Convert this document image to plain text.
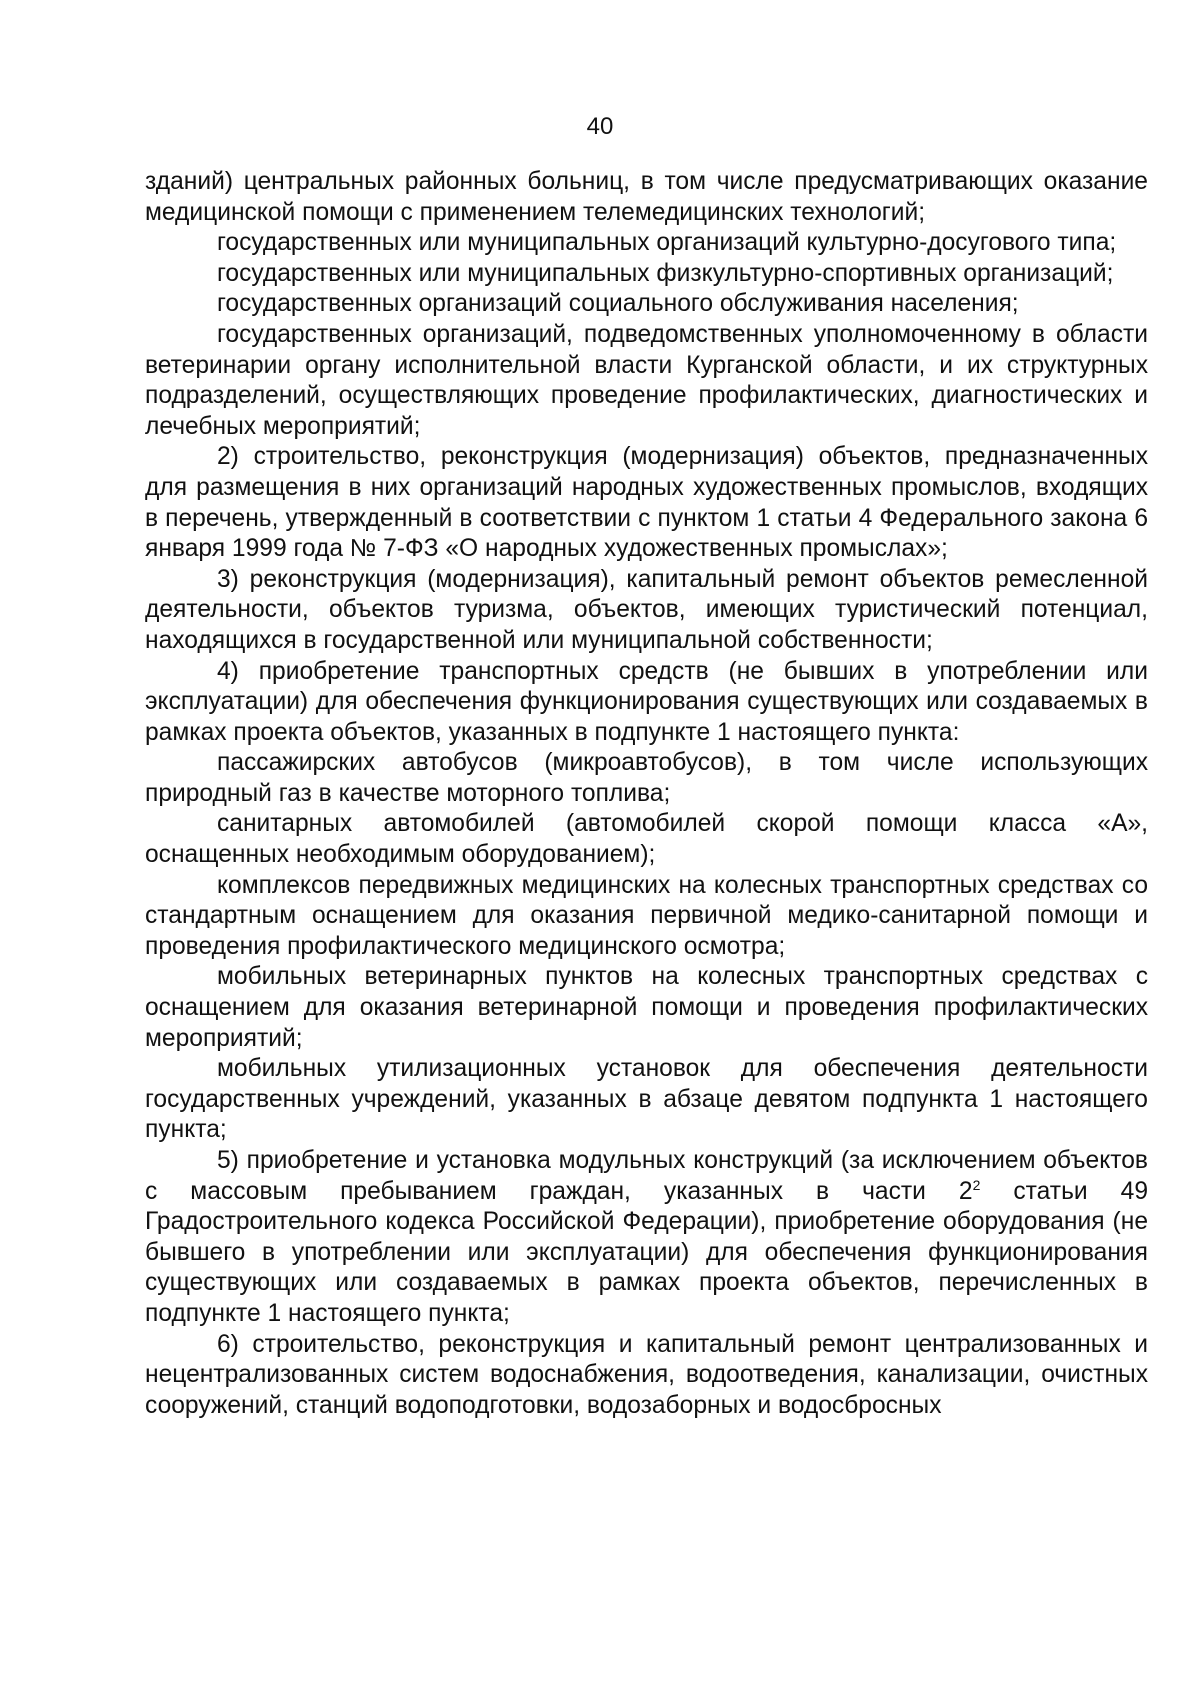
40

зданий) центральных районных больниц, в том числе предусматривающих оказание медицинской помощи с применением телемедицинских технологий;

государственных или муниципальных организаций культурно-досугового типа;

государственных или муниципальных физкультурно-спортивных организаций;

государственных организаций социального обслуживания населения;

государственных организаций, подведомственных уполномоченному в области ветеринарии органу исполнительной власти Курганской области, и их структурных подразделений, осуществляющих проведение профилактических, диагностических и лечебных мероприятий;

2) строительство, реконструкция (модернизация) объектов, предназначенных для размещения в них организаций народных художественных промыслов, входящих в перечень, утвержденный в соответствии с пунктом 1 статьи 4 Федерального закона 6 января 1999 года № 7-ФЗ «О народных художественных промыслах»;

3) реконструкция (модернизация), капитальный ремонт объектов ремесленной деятельности, объектов туризма, объектов, имеющих туристический потенциал, находящихся в государственной или муниципальной собственности;

4) приобретение транспортных средств (не бывших в употреблении или эксплуатации) для обеспечения функционирования существующих или создаваемых в рамках проекта объектов, указанных в подпункте 1 настоящего пункта:

пассажирских автобусов (микроавтобусов), в том числе использующих природный газ в качестве моторного топлива;

санитарных автомобилей (автомобилей скорой помощи класса «А», оснащенных необходимым оборудованием);

комплексов передвижных медицинских на колесных транспортных средствах со стандартным оснащением для оказания первичной медико-санитарной помощи и проведения профилактического медицинского осмотра;

мобильных ветеринарных пунктов на колесных транспортных средствах с оснащением для оказания ветеринарной помощи и проведения профилактических мероприятий;

мобильных утилизационных установок для обеспечения деятельности государственных учреждений, указанных в абзаце девятом подпункта 1 настоящего пункта;

5) приобретение и установка модульных конструкций (за исключением объектов с массовым пребыванием граждан, указанных в части $2^2$ статьи 49 Градостроительного кодекса Российской Федерации), приобретение оборудования (не бывшего в употреблении или эксплуатации) для обеспечения функционирования существующих или создаваемых в рамках проекта объектов, перечисленных в подпункте 1 настоящего пункта;

6) строительство, реконструкция и капитальный ремонт централизованных и нецентрализованных систем водоснабжения, водоотведения, канализации, очистных сооружений, станций водоподготовки, водозаборных и водосбросных
